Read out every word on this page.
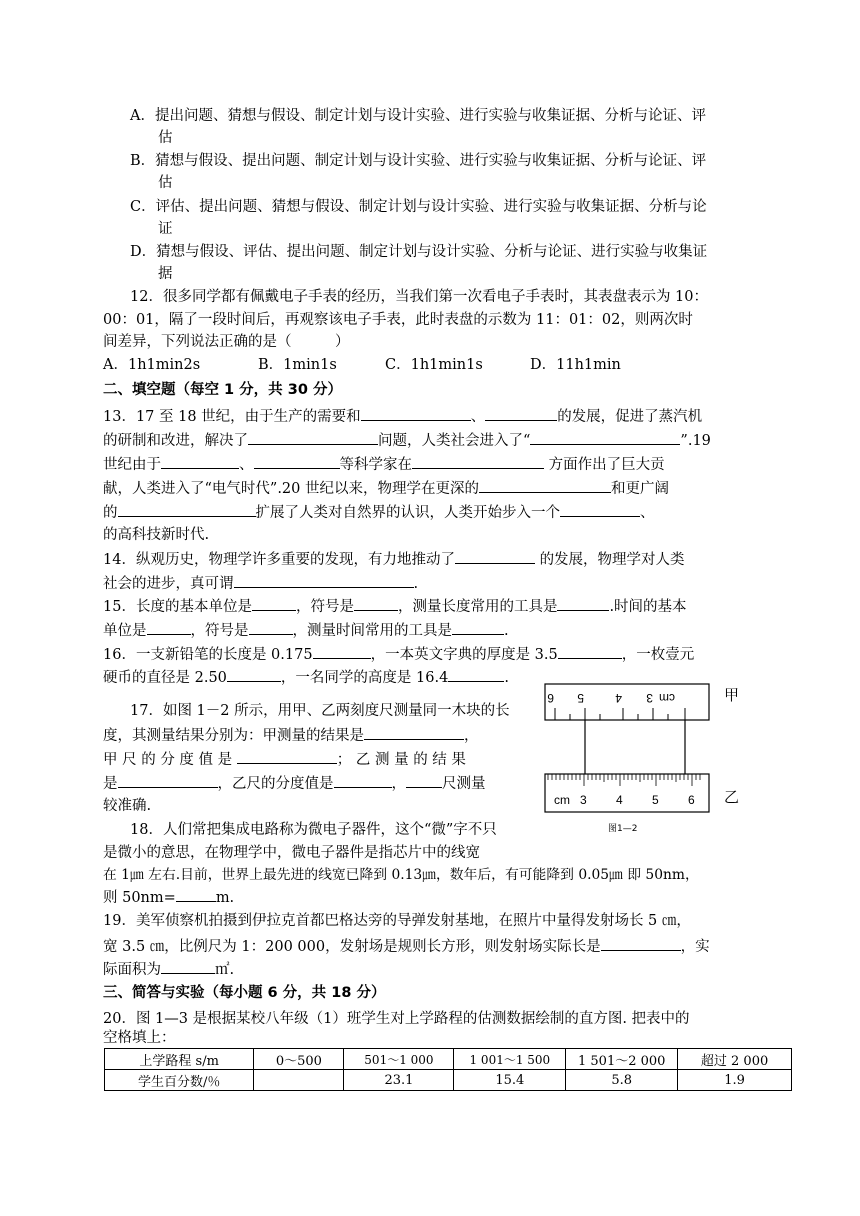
A．提出问题、猜想与假设、制定计划与设计实验、进行实验与收集证据、分析与论证、评
估
B．猜想与假设、提出问题、制定计划与设计实验、进行实验与收集证据、分析与论证、评
估
C．评估、提出问题、猜想与假设、制定计划与设计实验、进行实验与收集证据、分析与论
证
D．猜想与假设、评估、提出问题、制定计划与设计实验、分析与论证、进行实验与收集证
据
12．很多同学都有佩戴电子手表的经历，当我们第一次看电子手表时，其表盘表示为 10：
00：01，隔了一段时间后，再观察该电子手表，此时表盘的示数为 11：01：02，则两次时
间差异，下列说法正确的是（　　　）
A．1h1min2s	B．1min1s	C．1h1min1s	D．11h1min
二、填空题（每空 1 分，共 30 分）
13．17 至 18 世纪，由于生产的需要和	、	的发展，促进了蒸汽机
的研制和改进，解决了	问题，人类社会进入了“	”.19
世纪由于	、	等科学家在	方面作出了巨大贡
献，人类进入了“电气时代”.20 世纪以来，物理学在更深的	和更广阔
的	扩展了人类对自然界的认识，人类开始步入一个	、
的高科技新时代.
14．纵观历史，物理学许多重要的发现，有力地推动了	的发展，物理学对人类
社会的进步，真可谓	.
15．长度的基本单位是	，符号是	，测量长度常用的工具是	.时间的基本
单位是	，符号是	，测量时间常用的工具是	.
16．一支新铅笔的长度是 0.175	，一本英文字典的厚度是 3.5	，一枚壹元
硬币的直径是 2.50	，一名同学的高度是 16.4	.
17．如图 1－2 所示，用甲、乙两刻度尺测量同一木块的长
度，其测量结果分别为：甲测量的结果是	，
甲 尺 的 分 度 值 是	； 乙 测 量 的 结 果
是	，乙尺的分度值是	， 尺测量
较准确.
6 5	4 3 cm	甲
cm 3 4 5 6 乙
图1—2
18．人们常把集成电路称为微电子器件，这个“微”字不只
是微小的意思，在物理学中，微电子器件是指芯片中的线宽
在 1㎛ 左右.目前，世界上最先进的线宽已降到 0.13㎛，数年后，有可能降到 0.05㎛ 即 50nm，
则 50nm=	m.
19．美军侦察机拍摄到伊拉克首都巴格达旁的导弹发射基地，在照片中量得发射场长 5 ㎝，
宽 3.5 ㎝，比例尺为 1：200 000，发射场是规则长方形，则发射场实际长是	，实
际面积为	㎡.
三、简答与实验（每小题 6 分，共 18 分）
20．图 1—3 是根据某校八年级（1）班学生对上学路程的估测数据绘制的直方图. 把表中的
空格填上：
上学路程 s/m	0～500	501～1 000	1 001～1 500	1 501～2 000	超过 2 000
学生百分数/％		23.1	15.4	5.8	1.9
